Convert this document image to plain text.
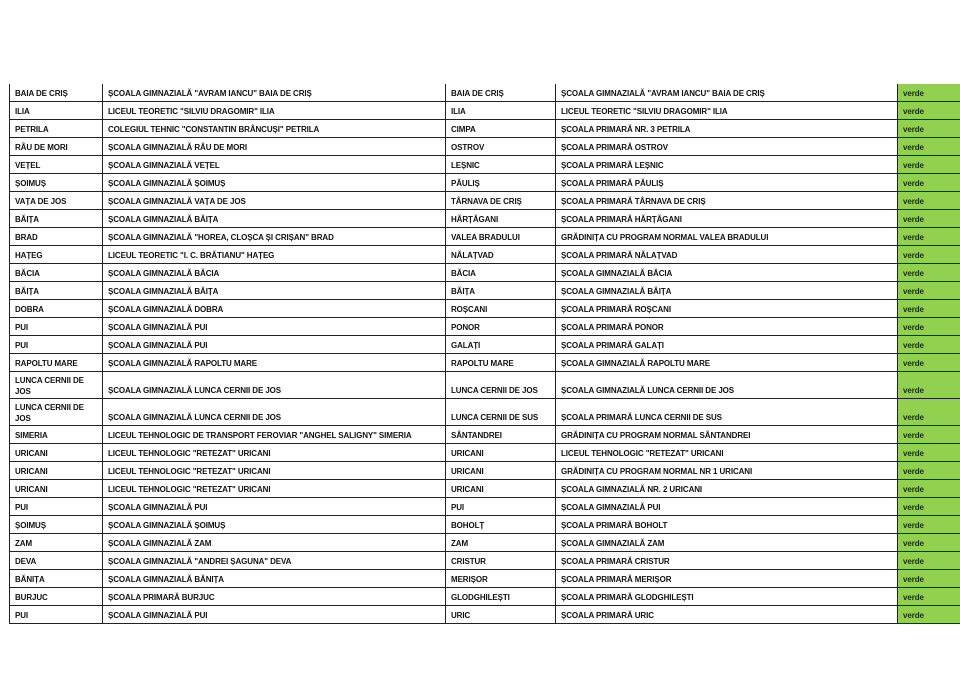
BAIA DE CRIȘ	ȘCOALA GIMNAZIALĂ "AVRAM IANCU" BAIA DE CRIȘ	BAIA DE CRIȘ	ȘCOALA GIMNAZIALĂ "AVRAM IANCU" BAIA DE CRIȘ	verde
ILIA	LICEUL TEORETIC "SILVIU DRAGOMIR" ILIA	ILIA	LICEUL TEORETIC "SILVIU DRAGOMIR" ILIA	verde
PETRILA	COLEGIUL TEHNIC "CONSTANTIN BRÂNCUȘI" PETRILA	CIMPA	ȘCOALA PRIMARĂ NR. 3 PETRILA	verde
RÂU DE MORI	ȘCOALA GIMNAZIALĂ RÂU DE MORI	OSTROV	ȘCOALA PRIMARĂ OSTROV	verde
VEȚEL	ȘCOALA GIMNAZIALĂ VEȚEL	LEȘNIC	ȘCOALA PRIMARĂ LEȘNIC	verde
ȘOIMUȘ	ȘCOALA GIMNAZIALĂ ȘOIMUȘ	PĂULIȘ	ȘCOALA PRIMARĂ PĂULIȘ	verde
VAȚA DE JOS	ȘCOALA GIMNAZIALĂ VAȚA DE JOS	TÂRNAVA DE CRIȘ	ȘCOALA PRIMARĂ TÂRNAVA DE CRIȘ	verde
BĂIȚA	ȘCOALA GIMNAZIALĂ BĂIȚA	HĂRȚĂGANI	ȘCOALA PRIMARĂ HĂRȚĂGANI	verde
BRAD	ȘCOALA GIMNAZIALĂ "HOREA, CLOȘCA ȘI CRIȘAN" BRAD	VALEA BRADULUI	GRĂDINIȚA CU PROGRAM NORMAL VALEA BRADULUI	verde
HAȚEG	LICEUL TEORETIC "I. C. BRĂTIANU" HAȚEG	NĂLAȚVAD	ȘCOALA PRIMARĂ NĂLAȚVAD	verde
BĂCIA	ȘCOALA GIMNAZIALĂ BĂCIA	BĂCIA	ȘCOALA GIMNAZIALĂ BĂCIA	verde
BĂIȚA	ȘCOALA GIMNAZIALĂ BĂIȚA	BĂIȚA	ȘCOALA GIMNAZIALĂ BĂIȚA	verde
DOBRA	ȘCOALA GIMNAZIALĂ DOBRA	ROȘCANI	ȘCOALA PRIMARĂ ROȘCANI	verde
PUI	ȘCOALA GIMNAZIALĂ PUI	PONOR	ȘCOALA PRIMARĂ PONOR	verde
PUI	ȘCOALA GIMNAZIALĂ PUI	GALAȚI	ȘCOALA PRIMARĂ GALAȚI	verde
RAPOLTU MARE	ȘCOALA GIMNAZIALĂ RAPOLTU MARE	RAPOLTU MARE	ȘCOALA GIMNAZIALĂ RAPOLTU MARE	verde
LUNCA CERNII DE JOS	ȘCOALA GIMNAZIALĂ LUNCA CERNII DE JOS	LUNCA CERNII DE JOS	ȘCOALA GIMNAZIALĂ LUNCA CERNII DE JOS	verde
LUNCA CERNII DE JOS	ȘCOALA GIMNAZIALĂ LUNCA CERNII DE JOS	LUNCA CERNII DE SUS	ȘCOALA PRIMARĂ LUNCA CERNII DE SUS	verde
SIMERIA	LICEUL TEHNOLOGIC DE TRANSPORT FEROVIAR "ANGHEL SALIGNY" SIMERIA	SÂNTANDREI	GRĂDINIȚA CU PROGRAM NORMAL SÂNTANDREI	verde
URICANI	LICEUL TEHNOLOGIC "RETEZAT" URICANI	URICANI	LICEUL TEHNOLOGIC "RETEZAT" URICANI	verde
URICANI	LICEUL TEHNOLOGIC "RETEZAT" URICANI	URICANI	GRĂDINIȚA CU PROGRAM NORMAL NR 1 URICANI	verde
URICANI	LICEUL TEHNOLOGIC "RETEZAT" URICANI	URICANI	ȘCOALA GIMNAZIALĂ NR. 2 URICANI	verde
PUI	ȘCOALA GIMNAZIALĂ PUI	PUI	ȘCOALA GIMNAZIALĂ PUI	verde
ȘOIMUȘ	ȘCOALA GIMNAZIALĂ ȘOIMUȘ	BOHOLȚ	ȘCOALA PRIMARĂ BOHOLT	verde
ZAM	ȘCOALA GIMNAZIALĂ ZAM	ZAM	ȘCOALA GIMNAZIALĂ ZAM	verde
DEVA	ȘCOALA GIMNAZIALĂ "ANDREI ȘAGUNA" DEVA	CRISTUR	ȘCOALA PRIMARĂ CRISTUR	verde
BĂNIȚA	ȘCOALA GIMNAZIALĂ BĂNIȚA	MERIȘOR	ȘCOALA PRIMARĂ MERIȘOR	verde
BURJUC	ȘCOALA PRIMARĂ BURJUC	GLODGHILEȘTI	ȘCOALA PRIMARĂ GLODGHILEȘTI	verde
PUI	ȘCOALA GIMNAZIALĂ PUI	URIC	ȘCOALA PRIMARĂ URIC	verde
